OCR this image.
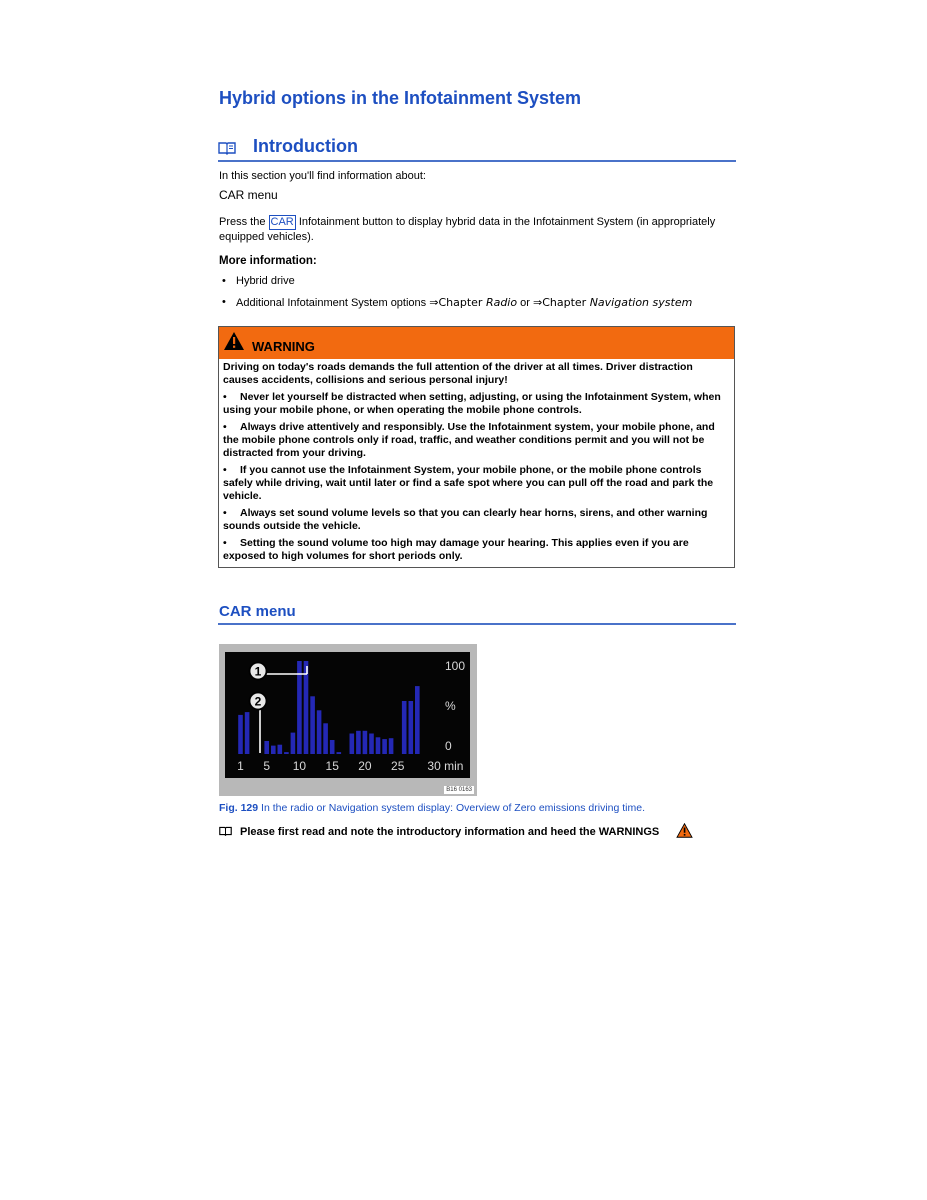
Hybrid options in the Infotainment System
Introduction
In this section you'll find information about:
CAR menu
Press the CAR Infotainment button to display hybrid data in the Infotainment System (in appropriately equipped vehicles).
More information:
• Hybrid drive
• Additional Infotainment System options ⇒Chapter Radio or ⇒Chapter Navigation system
WARNING

Driving on today's roads demands the full attention of the driver at all times. Driver distraction causes accidents, collisions and serious personal injury!

• Never let yourself be distracted when setting, adjusting, or using the Infotainment System, when using your mobile phone, or when operating the mobile phone controls.

• Always drive attentively and responsibly. Use the Infotainment system, your mobile phone, and the mobile phone controls only if road, traffic, and weather conditions permit and you will not be distracted from your driving.

• If you cannot use the Infotainment System, your mobile phone, or the mobile phone controls safely while driving, wait until later or find a safe spot where you can pull off the road and park the vehicle.

• Always set sound volume levels so that you can clearly hear horns, sirens, and other warning sounds outside the vehicle.

• Setting the sound volume too high may damage your hearing. This applies even if you are exposed to high volumes for short periods only.

CAR menu
1 5 10 15 20 25 30 min
100
%
0
1
2
B16 0163
Fig. 129 In the radio or Navigation system display: Overview of Zero emissions driving time.
Please first read and note the introductory information and heed the WARNINGS
